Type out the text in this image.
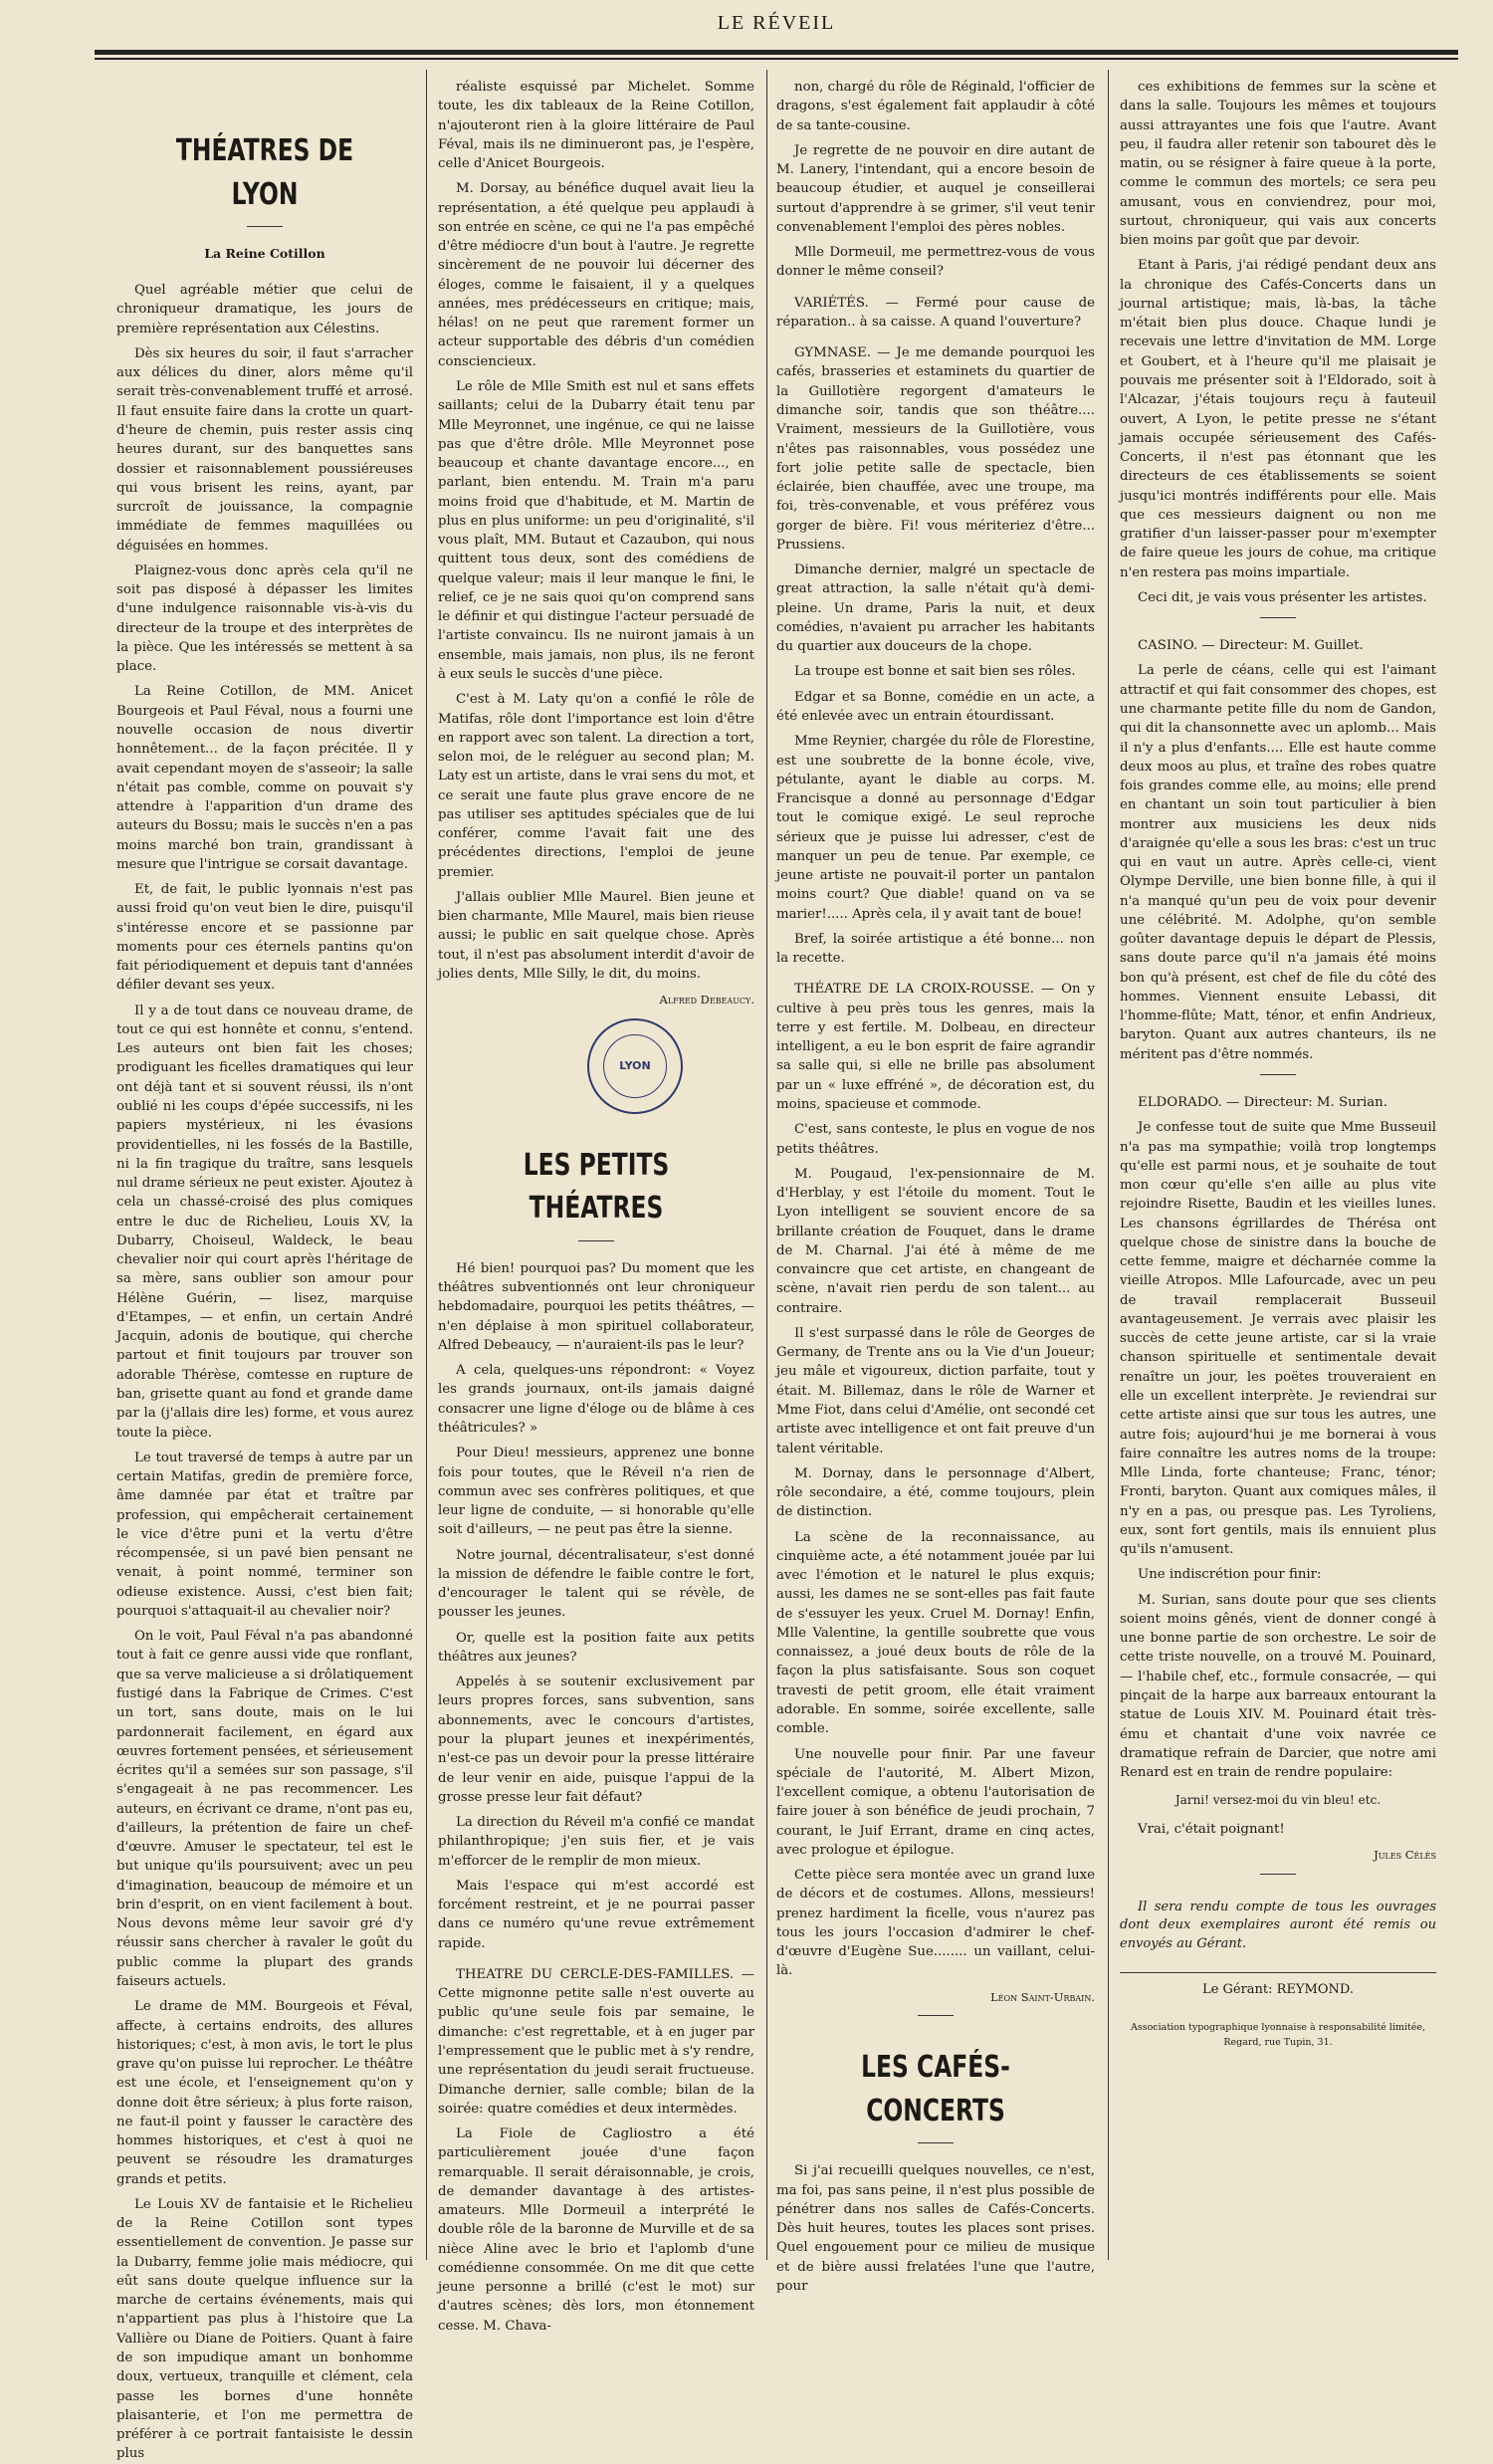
LE RÉVEIL
THÉATRES DE LYON
La Reine Cotillon

Quel agréable métier que celui de chroniqueur dramatique, les jours de première représentation aux Célestins.

Dès six heures du soir, il faut s'arracher aux délices du diner, alors même qu'il serait très-convenablement truffé et arrosé. Il faut ensuite faire dans la crotte un quart-d'heure de chemin, puis rester assis cinq heures durant, sur des banquettes sans dossier et raisonnablement poussiéreuses qui vous brisent les reins, ayant, par surcroît de jouissance, la compagnie immédiate de femmes maquillées ou déguisées en hommes.

Plaignez-vous donc après cela qu'il ne soit pas disposé à dépasser les limites d'une indulgence raisonnable vis-à-vis du directeur de la troupe et des interprètes de la pièce. Que les intéressés se mettent à sa place.

La Reine Cotillon, de MM. Anicet Bourgeois et Paul Féval, nous a fourni une nouvelle occasion de nous divertir honnêtement... de la façon précitée. Il y avait cependant moyen de s'asseoir; la salle n'était pas comble, comme on pouvait s'y attendre à l'apparition d'un drame des auteurs du Bossu; mais le succès n'en a pas moins marché bon train, grandissant à mesure que l'intrigue se corsait davantage.

Et, de fait, le public lyonnais n'est pas aussi froid qu'on veut bien le dire, puisqu'il s'intéresse encore et se passionne par moments pour ces éternels pantins qu'on fait périodiquement et depuis tant d'années défiler devant ses yeux.

Il y a de tout dans ce nouveau drame, de tout ce qui est honnête et connu, s'entend. Les auteurs ont bien fait les choses; prodiguant les ficelles dramatiques qui leur ont déjà tant et si souvent réussi, ils n'ont oublié ni les coups d'épée successifs, ni les papiers mystérieux, ni les évasions providentielles, ni les fossés de la Bastille, ni la fin tragique du traître, sans lesquels nul drame sérieux ne peut exister. Ajoutez à cela un chassé-croisé des plus comiques entre le duc de Richelieu, Louis XV, la Dubarry, Choiseul, Waldeck, le beau chevalier noir qui court après l'héritage de sa mère, sans oublier son amour pour Hélène Guérin, — lisez, marquise d'Etampes, — et enfin, un certain André Jacquin, adonis de boutique, qui cherche partout et finit toujours par trouver son adorable Thérèse, comtesse en rupture de ban, grisette quant au fond et grande dame par la (j'allais dire les) forme, et vous aurez toute la pièce.

Le tout traversé de temps à autre par un certain Matifas, gredin de première force, âme damnée par état et traître par profession, qui empêcherait certainement le vice d'être puni et la vertu d'être récompensée, si un pavé bien pensant ne venait, à point nommé, terminer son odieuse existence. Aussi, c'est bien fait; pourquoi s'attaquait-il au chevalier noir?

On le voit, Paul Féval n'a pas abandonné tout à fait ce genre aussi vide que ronflant, que sa verve malicieuse a si drôlatiquement fustigé dans la Fabrique de Crimes. C'est un tort, sans doute, mais on le lui pardonnerait facilement, en égard aux œuvres fortement pensées, et sérieusement écrites qu'il a semées sur son passage, s'il s'engageait à ne pas recommencer. Les auteurs, en écrivant ce drame, n'ont pas eu, d'ailleurs, la prétention de faire un chef-d'œuvre. Amuser le spectateur, tel est le but unique qu'ils poursuivent; avec un peu d'imagination, beaucoup de mémoire et un brin d'esprit, on en vient facilement à bout. Nous devons même leur savoir gré d'y réussir sans chercher à ravaler le goût du public comme la plupart des grands faiseurs actuels.

Le drame de MM. Bourgeois et Féval, affecte, à certains endroits, des allures historiques; c'est, à mon avis, le tort le plus grave qu'on puisse lui reprocher. Le théâtre est une école, et l'enseignement qu'on y donne doit être sérieux; à plus forte raison, ne faut-il point y fausser le caractère des hommes historiques, et c'est à quoi ne peuvent se résoudre les dramaturges grands et petits.

Le Louis XV de fantaisie et le Richelieu de la Reine Cotillon sont types essentiellement de convention. Je passe sur la Dubarry, femme jolie mais médiocre, qui eût sans doute quelque influence sur la marche de certains événements, mais qui n'appartient pas plus à l'histoire que La Vallière ou Diane de Poitiers. Quant à faire de son impudique amant un bonhomme doux, vertueux, tranquille et clément, cela passe les bornes d'une honnête plaisanterie, et l'on me permettra de préférer à ce portrait fantaisiste le dessin plus

réaliste esquissé par Michelet. Somme toute, les dix tableaux de la Reine Cotillon, n'ajouteront rien à la gloire littéraire de Paul Féval, mais ils ne diminueront pas, je l'espère, celle d'Anicet Bourgeois.

M. Dorsay, au bénéfice duquel avait lieu la représentation, a été quelque peu applaudi à son entrée en scène, ce qui ne l'a pas empêché d'être médiocre d'un bout à l'autre. Je regrette sincèrement de ne pouvoir lui décerner des éloges, comme le faisaient, il y a quelques années, mes prédécesseurs en critique; mais, hélas! on ne peut que rarement former un acteur supportable des débris d'un comédien consciencieux.

Le rôle de Mlle Smith est nul et sans effets saillants; celui de la Dubarry était tenu par Mlle Meyronnet, une ingénue, ce qui ne laisse pas que d'être drôle. Mlle Meyronnet pose beaucoup et chante davantage encore..., en parlant, bien entendu. M. Train m'a paru moins froid que d'habitude, et M. Martin de plus en plus uniforme: un peu d'originalité, s'il vous plaît, MM. Butaut et Cazaubon, qui nous quittent tous deux, sont des comédiens de quelque valeur; mais il leur manque le fini, le relief, ce je ne sais quoi qu'on comprend sans le définir et qui distingue l'acteur persuadé de l'artiste convaincu. Ils ne nuiront jamais à un ensemble, mais jamais, non plus, ils ne feront à eux seuls le succès d'une pièce.

C'est à M. Laty qu'on a confié le rôle de Matifas, rôle dont l'importance est loin d'être en rapport avec son talent. La direction a tort, selon moi, de le reléguer au second plan; M. Laty est un artiste, dans le vrai sens du mot, et ce serait une faute plus grave encore de ne pas utiliser ses aptitudes spéciales que de lui conférer, comme l'avait fait une des précédentes directions, l'emploi de jeune premier.

J'allais oublier Mlle Maurel. Bien jeune et bien charmante, Mlle Maurel, mais bien rieuse aussi; le public en sait quelque chose. Après tout, il n'est pas absolument interdit d'avoir de jolies dents, Mlle Silly, le dit, du moins.

Alfred Debeaucy.
LYON
LES PETITS THÉATRES

Hé bien! pourquoi pas? Du moment que les théâtres subventionnés ont leur chroniqueur hebdomadaire, pourquoi les petits théâtres, — n'en déplaise à mon spirituel collaborateur, Alfred Debeaucy, — n'auraient-ils pas le leur?

A cela, quelques-uns répondront: « Voyez les grands journaux, ont-ils jamais daigné consacrer une ligne d'éloge ou de blâme à ces théâtricules? »

Pour Dieu! messieurs, apprenez une bonne fois pour toutes, que le Réveil n'a rien de commun avec ses confrères politiques, et que leur ligne de conduite, — si honorable qu'elle soit d'ailleurs, — ne peut pas être la sienne.

Notre journal, décentralisateur, s'est donné la mission de défendre le faible contre le fort, d'encourager le talent qui se révèle, de pousser les jeunes.

Or, quelle est la position faite aux petits théâtres aux jeunes?

Appelés à se soutenir exclusivement par leurs propres forces, sans subvention, sans abonnements, avec le concours d'artistes, pour la plupart jeunes et inexpérimentés, n'est-ce pas un devoir pour la presse littéraire de leur venir en aide, puisque l'appui de la grosse presse leur fait défaut?

La direction du Réveil m'a confié ce mandat philanthropique; j'en suis fier, et je vais m'efforcer de le remplir de mon mieux.

Mais l'espace qui m'est accordé est forcément restreint, et je ne pourrai passer dans ce numéro qu'une revue extrêmement rapide.

THEATRE DU CERCLE-DES-FAMILLES. — Cette mignonne petite salle n'est ouverte au public qu'une seule fois par semaine, le dimanche: c'est regrettable, et à en juger par l'empressement que le public met à s'y rendre, une représentation du jeudi serait fructueuse. Dimanche dernier, salle comble; bilan de la soirée: quatre comédies et deux intermèdes.

La Fiole de Cagliostro a été particulièrement jouée d'une façon remarquable. Il serait déraisonnable, je crois, de demander davantage à des artistes-amateurs. Mlle Dormeuil a interprété le double rôle de la baronne de Murville et de sa nièce Aline avec le brio et l'aplomb d'une comédienne consommée. On me dit que cette jeune personne a brillé (c'est le mot) sur d'autres scènes; dès lors, mon étonnement cesse. M. Chava-

non, chargé du rôle de Réginald, l'officier de dragons, s'est également fait applaudir à côté de sa tante-cousine.

Je regrette de ne pouvoir en dire autant de M. Lanery, l'intendant, qui a encore besoin de beaucoup étudier, et auquel je conseillerai surtout d'apprendre à se grimer, s'il veut tenir convenablement l'emploi des pères nobles.

Mlle Dormeuil, me permettrez-vous de vous donner le même conseil?

VARIÉTÉS. — Fermé pour cause de réparation.. à sa caisse. A quand l'ouverture?

GYMNASE. — Je me demande pourquoi les cafés, brasseries et estaminets du quartier de la Guillotière regorgent d'amateurs le dimanche soir, tandis que son théâtre.... Vraiment, messieurs de la Guillotière, vous n'êtes pas raisonnables, vous possédez une fort jolie petite salle de spectacle, bien éclairée, bien chauffée, avec une troupe, ma foi, très-convenable, et vous préférez vous gorger de bière. Fi! vous mériteriez d'être... Prussiens.

Dimanche dernier, malgré un spectacle de great attraction, la salle n'était qu'à demi-pleine. Un drame, Paris la nuit, et deux comédies, n'avaient pu arracher les habitants du quartier aux douceurs de la chope.

La troupe est bonne et sait bien ses rôles.

Edgar et sa Bonne, comédie en un acte, a été enlevée avec un entrain étourdissant.

Mme Reynier, chargée du rôle de Florestine, est une soubrette de la bonne école, vive, pétulante, ayant le diable au corps. M. Francisque a donné au personnage d'Edgar tout le comique exigé. Le seul reproche sérieux que je puisse lui adresser, c'est de manquer un peu de tenue. Par exemple, ce jeune artiste ne pouvait-il porter un pantalon moins court? Que diable! quand on va se marier!..... Après cela, il y avait tant de boue!

Bref, la soirée artistique a été bonne... non la recette.

THÉATRE DE LA CROIX-ROUSSE. — On y cultive à peu près tous les genres, mais la terre y est fertile. M. Dolbeau, en directeur intelligent, a eu le bon esprit de faire agrandir sa salle qui, si elle ne brille pas absolument par un « luxe effréné », de décoration est, du moins, spacieuse et commode.

C'est, sans conteste, le plus en vogue de nos petits théâtres.

M. Pougaud, l'ex-pensionnaire de M. d'Herblay, y est l'étoile du moment. Tout le Lyon intelligent se souvient encore de sa brillante création de Fouquet, dans le drame de M. Charnal. J'ai été à même de me convaincre que cet artiste, en changeant de scène, n'avait rien perdu de son talent... au contraire.

Il s'est surpassé dans le rôle de Georges de Germany, de Trente ans ou la Vie d'un Joueur; jeu mâle et vigoureux, diction parfaite, tout y était. M. Billemaz, dans le rôle de Warner et Mme Fiot, dans celui d'Amélie, ont secondé cet artiste avec intelligence et ont fait preuve d'un talent véritable.

M. Dornay, dans le personnage d'Albert, rôle secondaire, a été, comme toujours, plein de distinction.

La scène de la reconnaissance, au cinquième acte, a été notamment jouée par lui avec l'émotion et le naturel le plus exquis; aussi, les dames ne se sont-elles pas fait faute de s'essuyer les yeux. Cruel M. Dornay! Enfin, Mlle Valentine, la gentille soubrette que vous connaissez, a joué deux bouts de rôle de la façon la plus satisfaisante. Sous son coquet travesti de petit groom, elle était vraiment adorable. En somme, soirée excellente, salle comble.

Une nouvelle pour finir. Par une faveur spéciale de l'autorité, M. Albert Mizon, l'excellent comique, a obtenu l'autorisation de faire jouer à son bénéfice de jeudi prochain, 7 courant, le Juif Errant, drame en cinq actes, avec prologue et épilogue.

Cette pièce sera montée avec un grand luxe de décors et de costumes. Allons, messieurs! prenez hardiment la ficelle, vous n'aurez pas tous les jours l'occasion d'admirer le chef-d'œuvre d'Eugène Sue........ un vaillant, celui-là.

Léon Saint-Urbain.
LES CAFÉS-CONCERTS

Si j'ai recueilli quelques nouvelles, ce n'est, ma foi, pas sans peine, il n'est plus possible de pénétrer dans nos salles de Cafés-Concerts. Dès huit heures, toutes les places sont prises. Quel engouement pour ce milieu de musique et de bière aussi frelatées l'une que l'autre, pour

ces exhibitions de femmes sur la scène et dans la salle. Toujours les mêmes et toujours aussi attrayantes une fois que l'autre. Avant peu, il faudra aller retenir son tabouret dès le matin, ou se résigner à faire queue à la porte, comme le commun des mortels; ce sera peu amusant, vous en conviendrez, pour moi, surtout, chroniqueur, qui vais aux concerts bien moins par goût que par devoir.

Etant à Paris, j'ai rédigé pendant deux ans la chronique des Cafés-Concerts dans un journal artistique; mais, là-bas, la tâche m'était bien plus douce. Chaque lundi je recevais une lettre d'invitation de MM. Lorge et Goubert, et à l'heure qu'il me plaisait je pouvais me présenter soit à l'Eldorado, soit à l'Alcazar, j'étais toujours reçu à fauteuil ouvert, A Lyon, le petite presse ne s'étant jamais occupée sérieusement des Cafés-Concerts, il n'est pas étonnant que les directeurs de ces établissements se soient jusqu'ici montrés indifférents pour elle. Mais que ces messieurs daignent ou non me gratifier d'un laisser-passer pour m'exempter de faire queue les jours de cohue, ma critique n'en restera pas moins impartiale.

Ceci dit, je vais vous présenter les artistes.

CASINO. — Directeur: M. Guillet.

La perle de céans, celle qui est l'aimant attractif et qui fait consommer des chopes, est une charmante petite fille du nom de Gandon, qui dit la chansonnette avec un aplomb... Mais il n'y a plus d'enfants.... Elle est haute comme deux moos au plus, et traîne des robes quatre fois grandes comme elle, au moins; elle prend en chantant un soin tout particulier à bien montrer aux musiciens les deux nids d'araignée qu'elle a sous les bras: c'est un truc qui en vaut un autre. Après celle-ci, vient Olympe Derville, une bien bonne fille, à qui il n'a manqué qu'un peu de voix pour devenir une célébrité. M. Adolphe, qu'on semble goûter davantage depuis le départ de Plessis, sans doute parce qu'il n'a jamais été moins bon qu'à présent, est chef de file du côté des hommes. Viennent ensuite Lebassi, dit l'homme-flûte; Matt, ténor, et enfin Andrieux, baryton. Quant aux autres chanteurs, ils ne méritent pas d'être nommés.

ELDORADO. — Directeur: M. Surian.

Je confesse tout de suite que Mme Busseuil n'a pas ma sympathie; voilà trop longtemps qu'elle est parmi nous, et je souhaite de tout mon cœur qu'elle s'en aille au plus vite rejoindre Risette, Baudin et les vieilles lunes. Les chansons égrillardes de Thérésa ont quelque chose de sinistre dans la bouche de cette femme, maigre et décharnée comme la vieille Atropos. Mlle Lafourcade, avec un peu de travail remplacerait Busseuil avantageusement. Je verrais avec plaisir les succès de cette jeune artiste, car si la vraie chanson spirituelle et sentimentale devait renaître un jour, les poëtes trouveraient en elle un excellent interprète. Je reviendrai sur cette artiste ainsi que sur tous les autres, une autre fois; aujourd'hui je me bornerai à vous faire connaître les autres noms de la troupe: Mlle Linda, forte chanteuse; Franc, ténor; Fronti, baryton. Quant aux comiques mâles, il n'y en a pas, ou presque pas. Les Tyroliens, eux, sont fort gentils, mais ils ennuient plus qu'ils n'amusent.

Une indiscrétion pour finir:

M. Surian, sans doute pour que ses clients soient moins gênés, vient de donner congé à une bonne partie de son orchestre. Le soir de cette triste nouvelle, on a trouvé M. Pouinard, — l'habile chef, etc., formule consacrée, — qui pinçait de la harpe aux barreaux entourant la statue de Louis XIV. M. Pouinard était très-ému et chantait d'une voix navrée ce dramatique refrain de Darcier, que notre ami Renard est en train de rendre populaire:

Jarni! versez-moi du vin bleu! etc.

Vrai, c'était poignant!

Jules Célès

Il sera rendu compte de tous les ouvrages dont deux exemplaires auront été remis ou envoyés au Gérant.

Le Gérant: REYMOND.
Association typographique lyonnaise à responsabilité limitée,
Regard, rue Tupin, 31.
